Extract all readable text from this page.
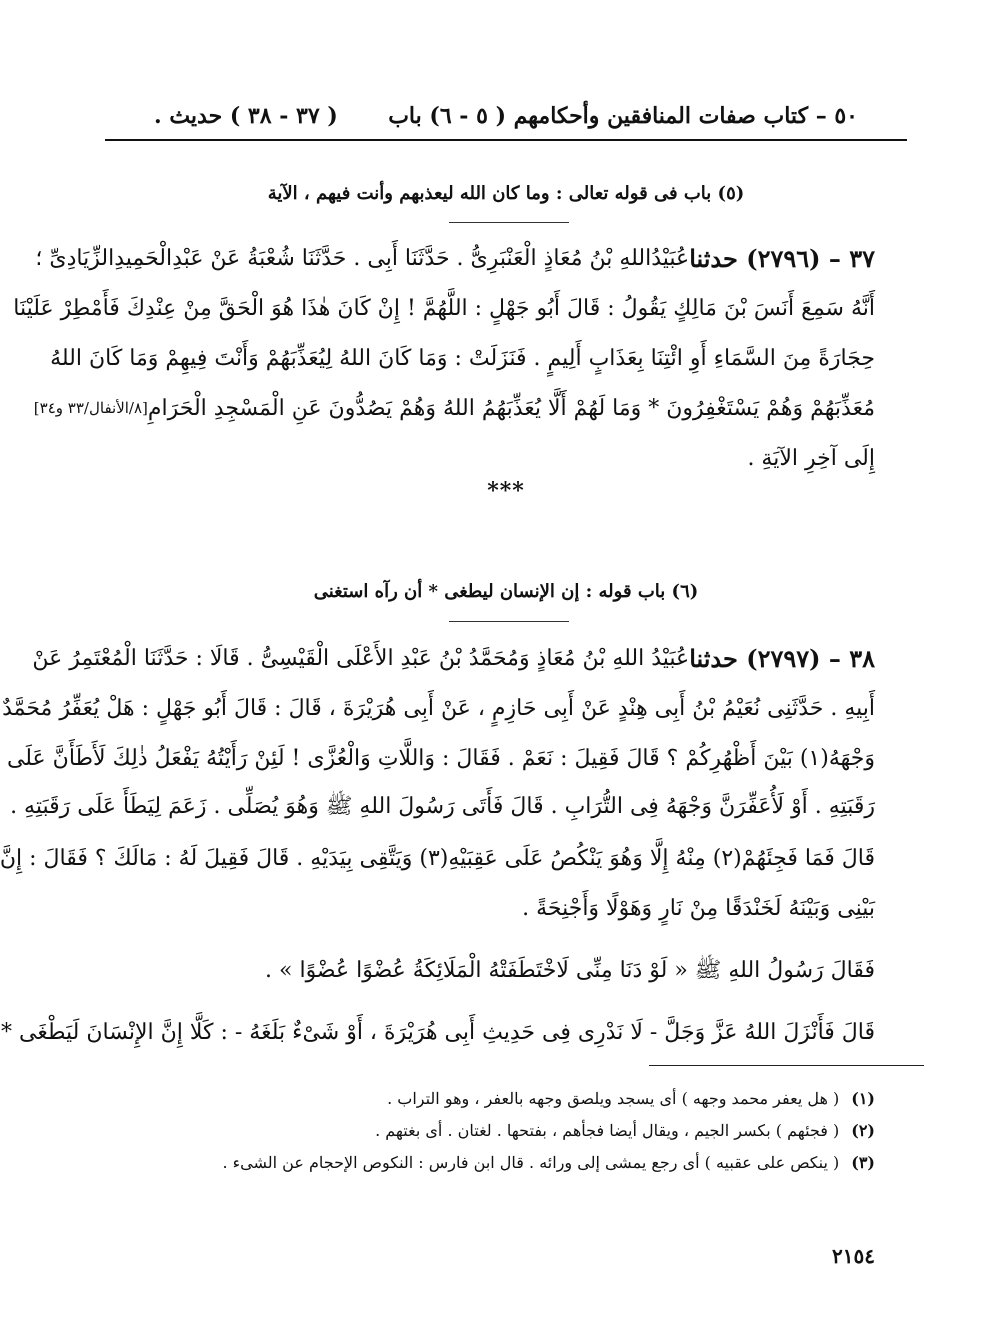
٥٠ – كتاب صفات المنافقين وأحكامهم ( ٥ - ٦) باب
( ٣٧ - ٣٨ ) حديث .
(٥) باب فى قوله تعالى : وما كان الله ليعذبهم وأنت فيهم ، الآية
٣٧ – (٢٧٩٦) حدثنا
عُبَيْدُاللهِ بْنُ مُعَاذٍ الْعَنْبَرِىُّ . حَدَّثَنَا أَبِى . حَدَّثَنَا شُعْبَةُ عَنْ عَبْدِالْحَمِيدِالزِّيَادِىِّ ؛
أَنَّهُ سَمِعَ أَنَسَ بْنَ مَالِكٍ يَقُولُ : قَالَ أَبُو جَهْلٍ : اللَّهُمَّ ! إِنْ كَانَ هٰذَا هُوَ الْحَقَّ مِنْ عِنْدِكَ فَأَمْطِرْ عَلَيْنَا
حِجَارَةً مِنَ السَّمَاءِ أَوِ ائْتِنَا بِعَذَابٍ أَلِيمٍ . فَنَزَلَتْ : وَمَا كَانَ اللهُ لِيُعَذِّبَهُمْ وَأَنْتَ فِيهِمْ وَمَا كَانَ اللهُ
مُعَذِّبَهُمْ وَهُمْ يَسْتَغْفِرُونَ * وَمَا لَهُمْ أَلَّا يُعَذِّبَهُمُ اللهُ وَهُمْ يَصُدُّونَ عَنِ الْمَسْجِدِ الْحَرَامِ
[٨/الأنفال/٣٣ و٣٤]
إِلَى آخِرِ الآيَةِ .
***
(٦) باب قوله : إن الإنسان ليطغى * أن رآه استغنى
٣٨ – (٢٧٩٧) حدثنا
عُبَيْدُ اللهِ بْنُ مُعَاذٍ وَمُحَمَّدُ بْنُ عَبْدِ الأَعْلَى الْقَيْسِىُّ . قَالَا : حَدَّثَنَا الْمُعْتَمِرُ عَنْ
أَبِيهِ . حَدَّثَنِى نُعَيْمُ بْنُ أَبِى هِنْدٍ عَنْ أَبِى حَازِمٍ ، عَنْ أَبِى هُرَيْرَةَ ، قَالَ : قَالَ أَبُو جَهْلٍ : هَلْ يُعَفِّرُ مُحَمَّدٌ
وَجْهَهُ(١) بَيْنَ أَظْهُرِكُمْ ؟ قَالَ فَقِيلَ : نَعَمْ . فَقَالَ : وَاللَّاتِ وَالْعُزَّى ! لَئِنْ رَأَيْتُهُ يَفْعَلُ ذٰلِكَ لَأَطَأَنَّ عَلَى
رَقَبَتِهِ . أَوْ لَأُعَفِّرَنَّ وَجْهَهُ فِى التُّرَابِ . قَالَ فَأَتَى رَسُولَ اللهِ ﷺ وَهُوَ يُصَلِّى . زَعَمَ لِيَطَأَ عَلَى رَقَبَتِهِ .
قَالَ فَمَا فَجِئَهُمْ(٢) مِنْهُ إِلَّا وَهُوَ يَنْكُصُ عَلَى عَقِبَيْهِ(٣) وَيَتَّقِى بِيَدَيْهِ . قَالَ فَقِيلَ لَهُ : مَالَكَ ؟ فَقَالَ : إِنَّ
بَيْنِى وَبَيْنَهُ لَخَنْدَقًا مِنْ نَارٍ وَهَوْلًا وَأَجْنِحَةً .
فَقَالَ رَسُولُ اللهِ ﷺ « لَوْ دَنَا مِنِّى لَاخْتَطَفَتْهُ الْمَلَائِكَةُ عُضْوًا عُضْوًا » .
قَالَ فَأَنْزَلَ اللهُ عَزَّ وَجَلَّ - لَا نَدْرِى فِى حَدِيثِ أَبِى هُرَيْرَةَ ، أَوْ شَىْءٌ بَلَغَهُ - : كَلَّا إِنَّ الإِنْسَانَ لَيَطْغَى *
(١)
( هل يعفر محمد وجهه ) أى يسجد ويلصق وجهه بالعفر ، وهو التراب .
(٢)
( فجئهم ) بكسر الجيم ، ويقال أيضا فجأهم ، بفتحها . لغتان . أى بغتهم .
(٣)
( ينكص على عقبيه ) أى رجع يمشى إلى ورائه . قال ابن فارس : النكوص الإحجام عن الشىء .
٢١٥٤
